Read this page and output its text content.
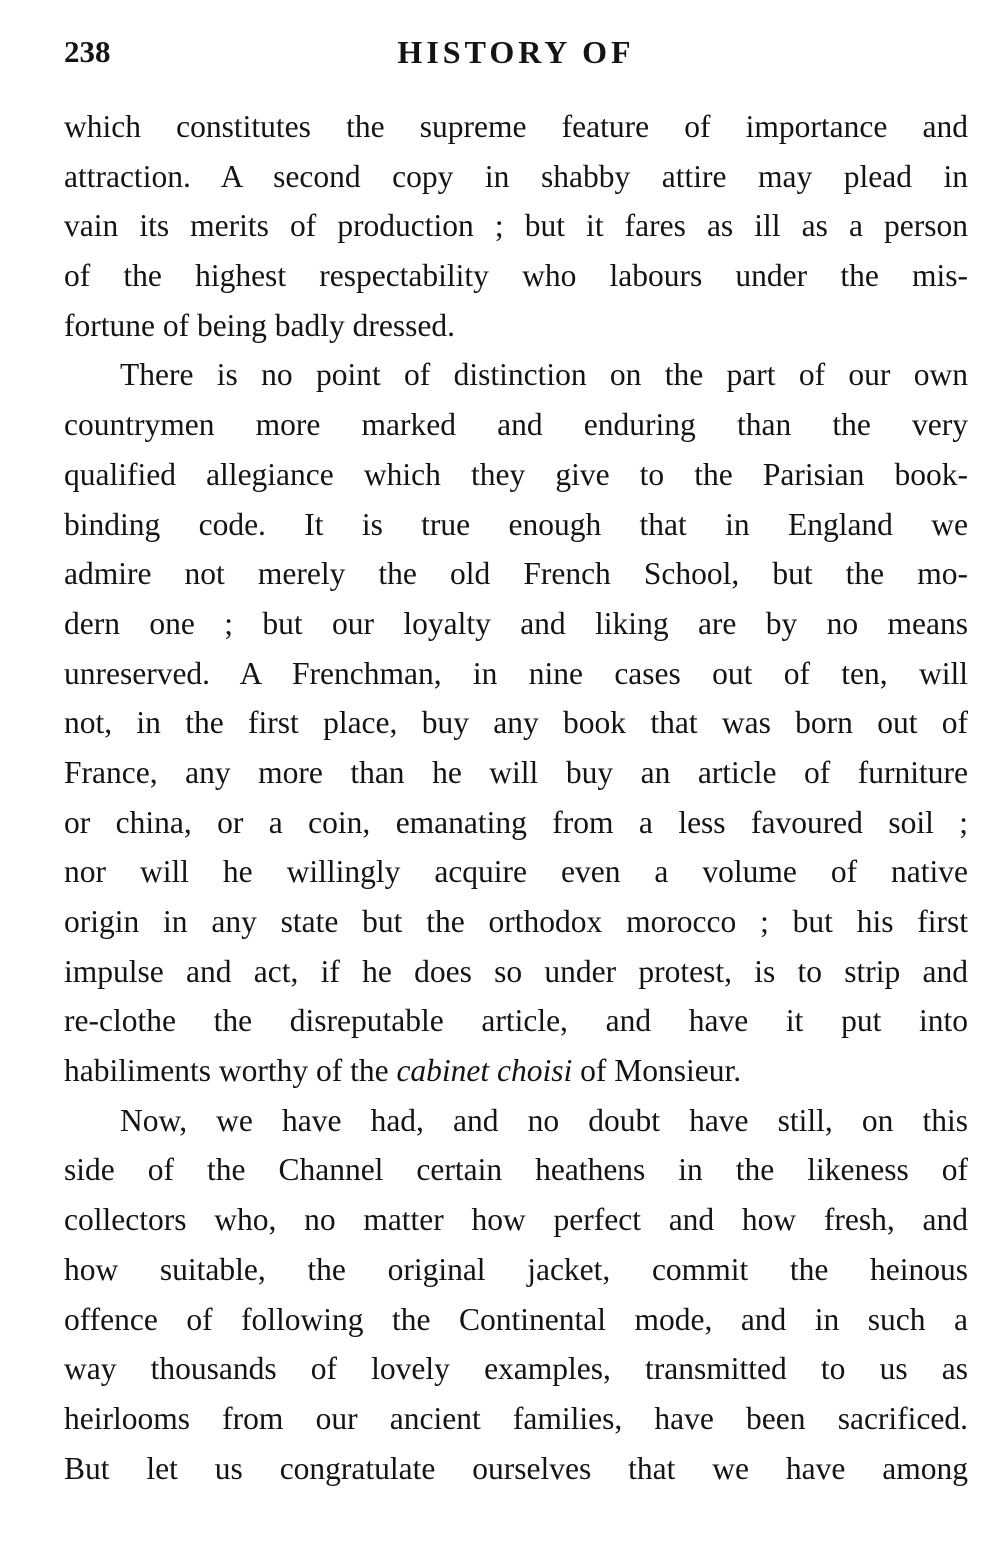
238	HISTORY OF
which constitutes the supreme feature of importance and
attraction. A second copy in shabby attire may plead in
vain its merits of production ; but it fares as ill as a person
of the highest respectability who labours under the mis-
fortune of being badly dressed.
There is no point of distinction on the part of our own
countrymen more marked and enduring than the very
qualified allegiance which they give to the Parisian book-
binding code. It is true enough that in England we
admire not merely the old French School, but the mo-
dern one ; but our loyalty and liking are by no means
unreserved. A Frenchman, in nine cases out of ten, will
not, in the first place, buy any book that was born out of
France, any more than he will buy an article of furniture
or china, or a coin, emanating from a less favoured soil ;
nor will he willingly acquire even a volume of native
origin in any state but the orthodox morocco ; but his first
impulse and act, if he does so under protest, is to strip and
re-clothe the disreputable article, and have it put into
habiliments worthy of the cabinet choisi of Monsieur.
Now, we have had, and no doubt have still, on this
side of the Channel certain heathens in the likeness of
collectors who, no matter how perfect and how fresh, and
how suitable, the original jacket, commit the heinous
offence of following the Continental mode, and in such a
way thousands of lovely examples, transmitted to us as
heirlooms from our ancient families, have been sacrificed.
But let us congratulate ourselves that we have among
